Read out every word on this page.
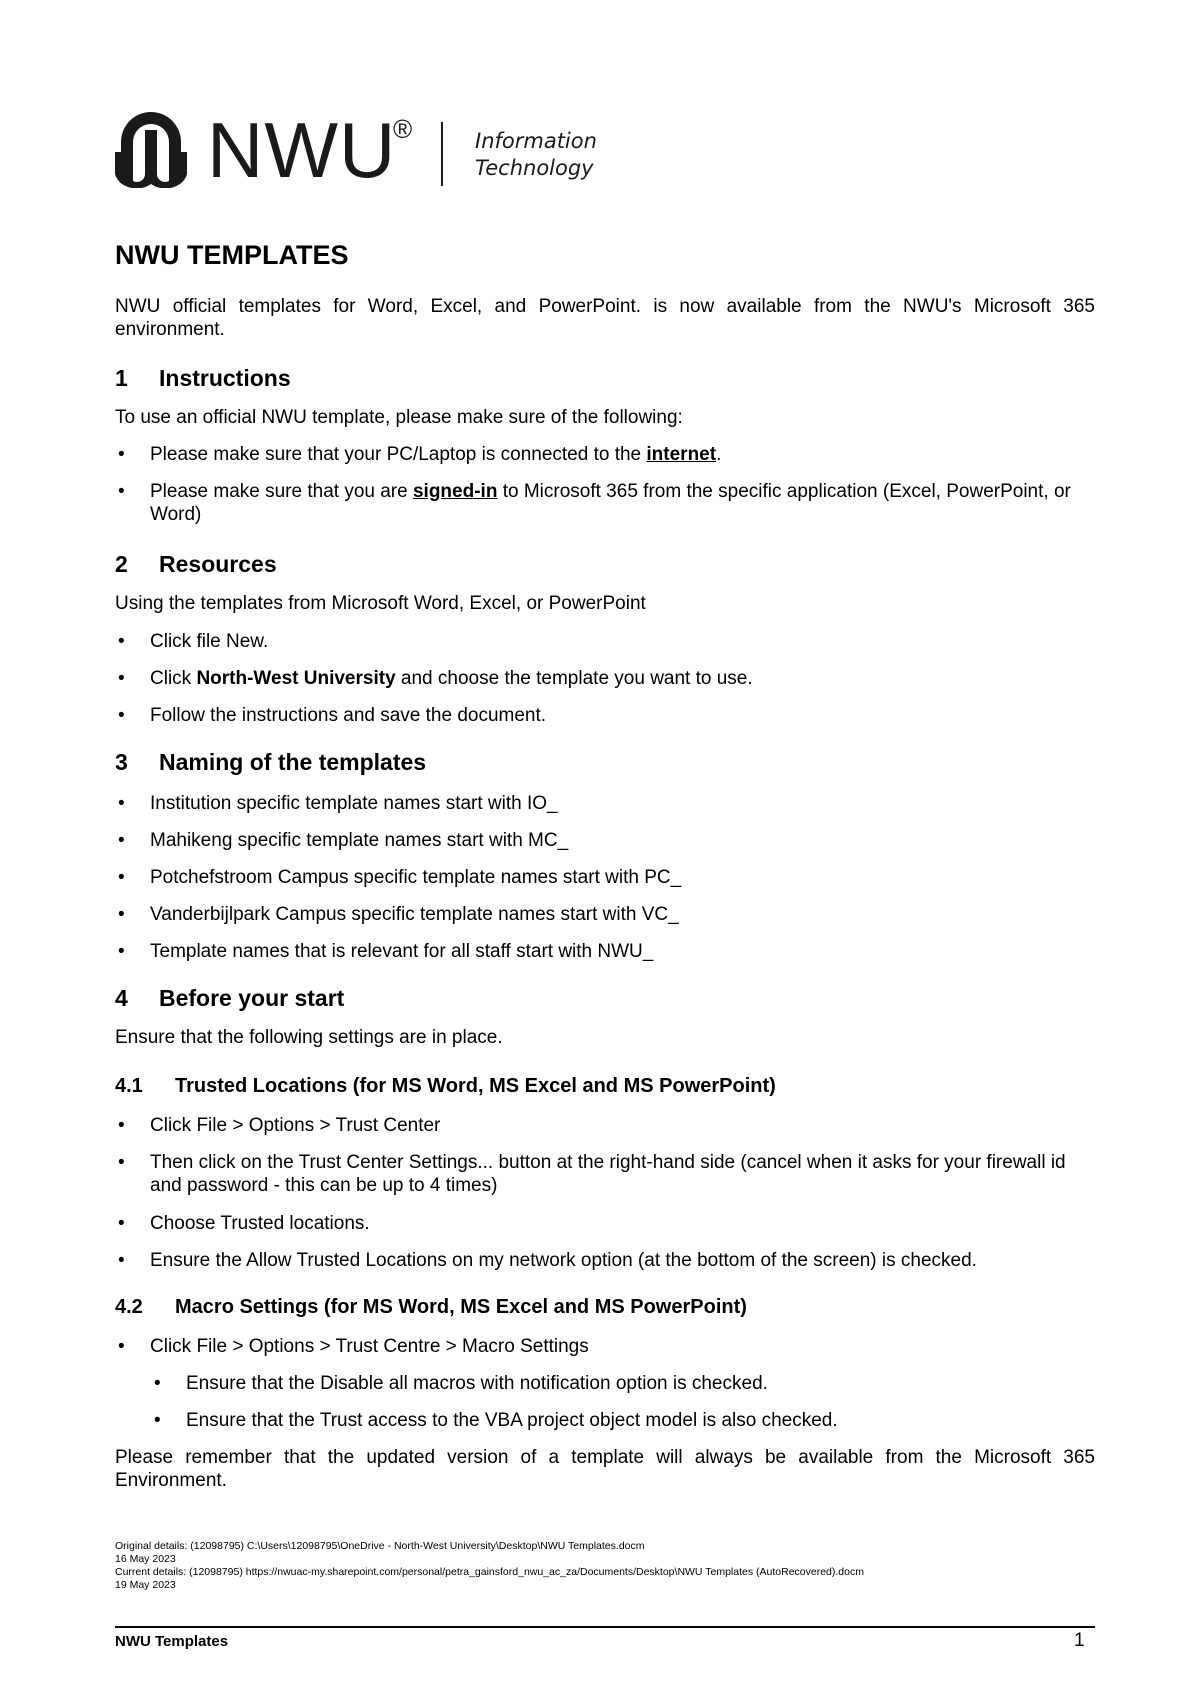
NWU
®	Information
Technology
NWU TEMPLATES

NWU official templates for Word, Excel, and PowerPoint. is now available from the NWU's Microsoft 365 environment.

1 Instructions

To use an official NWU template, please make sure of the following:

• Please make sure that your PC/Laptop is connected to the internet.

• Please make sure that you are signed-in to Microsoft 365 from the specific application (Excel, PowerPoint, or Word)

2 Resources

Using the templates from Microsoft Word, Excel, or PowerPoint

• Click file New.

• Click North-West University and choose the template you want to use.

• Follow the instructions and save the document.

3 Naming of the templates

• Institution specific template names start with IO_

• Mahikeng specific template names start with MC_

• Potchefstroom Campus specific template names start with PC_

• Vanderbijlpark Campus specific template names start with VC_

• Template names that is relevant for all staff start with NWU_

4 Before your start

Ensure that the following settings are in place.

4.1 Trusted Locations (for MS Word, MS Excel and MS PowerPoint)

• Click File > Options > Trust Center

• Then click on the Trust Center Settings... button at the right-hand side (cancel when it asks for your firewall id and password - this can be up to 4 times)

• Choose Trusted locations.

• Ensure the Allow Trusted Locations on my network option (at the bottom of the screen) is checked.

4.2 Macro Settings (for MS Word, MS Excel and MS PowerPoint)

• Click File > Options > Trust Centre > Macro Settings

• Ensure that the Disable all macros with notification option is checked.

• Ensure that the Trust access to the VBA project object model is also checked.

Please remember that the updated version of a template will always be available from the Microsoft 365 Environment.

Original details: (12098795) C:\Users\12098795\OneDrive - North-West University\Desktop\NWU Templates.docm
16 May 2023
Current details: (12098795) https://nwuac-my.sharepoint.com/personal/petra_gainsford_nwu_ac_za/Documents/Desktop\NWU Templates (AutoRecovered).docm
19 May 2023
NWU Templates	1
